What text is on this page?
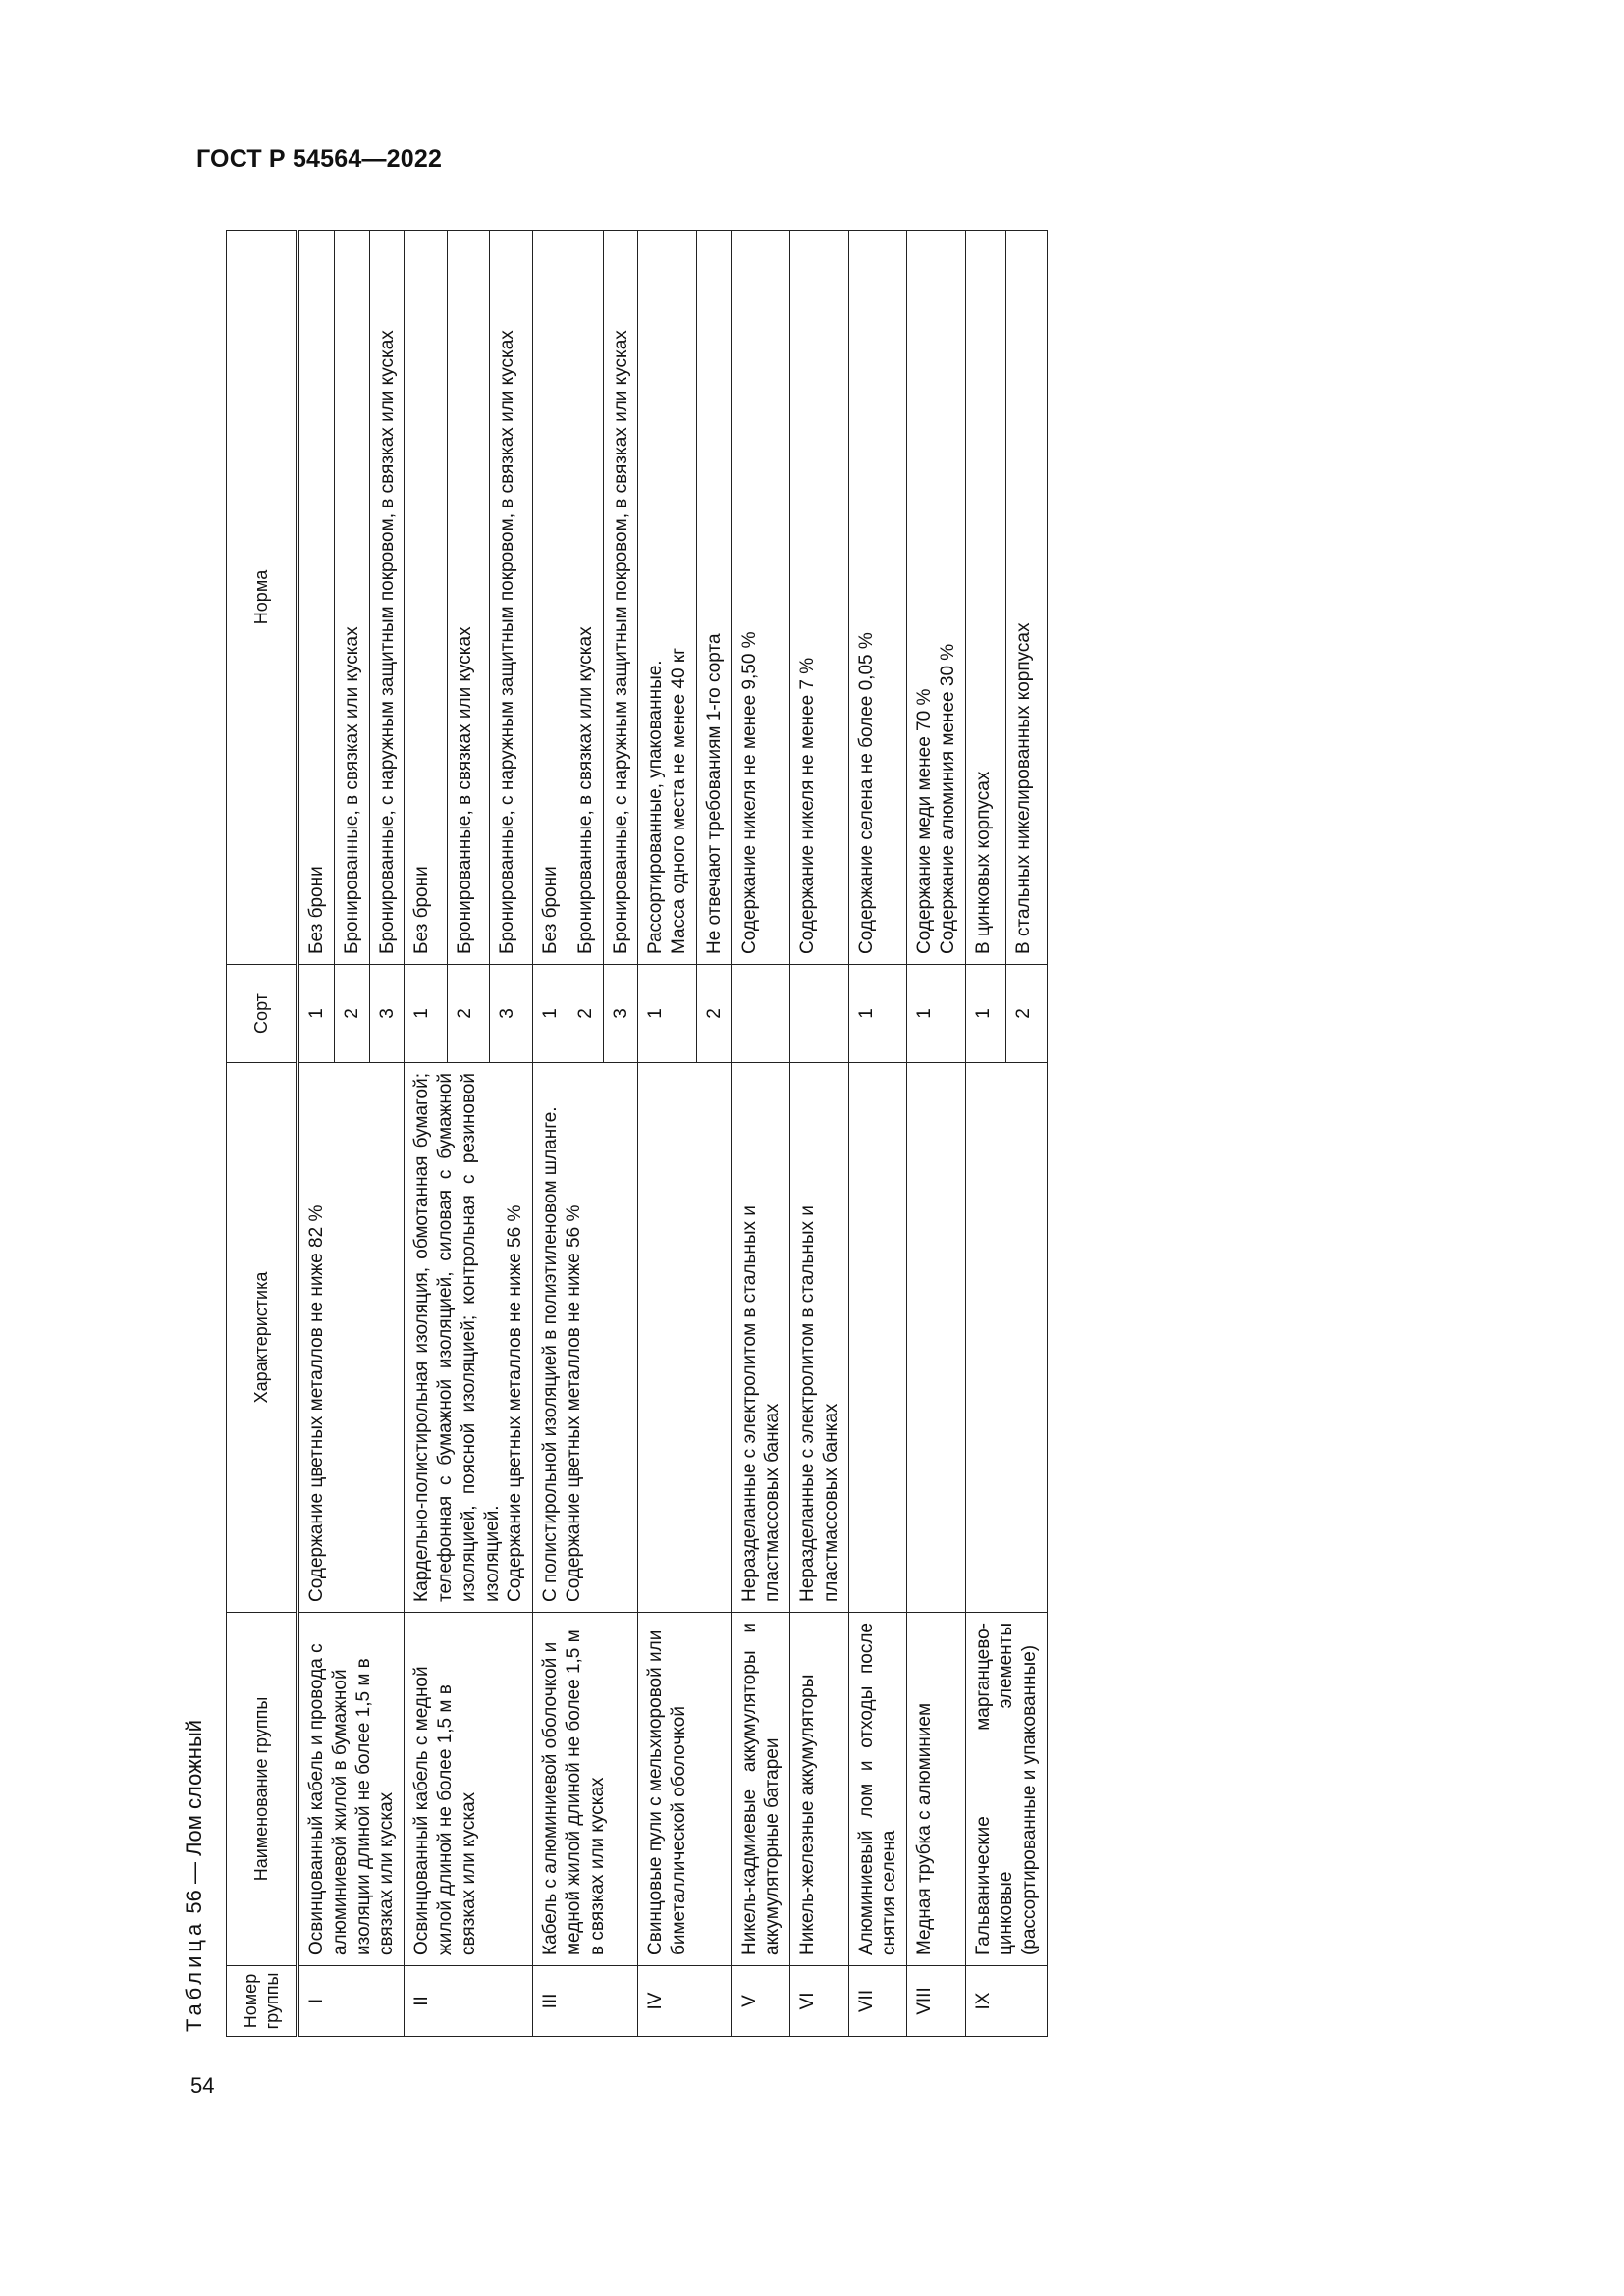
ГОСТ Р 54564—2022
54
Таблица 56 — Лом сложный
Номер группы	Наименование группы	Характеристика	Сорт	Норма
I	Освинцованный кабель и провода с алюминиевой жилой в бумажной изоляции длиной не более 1,5 м в связках или кусках	Содержание цветных металлов не ниже 82 %	1	Без брони
			2	Бронированные, в связках или кусках
			3	Бронированные, с наружным защитным покровом, в связках или кусках
II	Освинцованный кабель с медной жилой длиной не более 1,5 м в связках или кусках	Кардельно-полистирольная изоляция, обмотанная бумагой; телефонная с бумажной изоляцией, силовая с бумажной изоляцией, поясной изоляцией; контрольная с резиновой изоляцией. Содержание цветных металлов не ниже 56 %	1	Без брони
			2	Бронированные, в связках или кусках
			3	Бронированные, с наружным защитным покровом, в связках или кусках
III	Кабель с алюминиевой оболочкой и медной жилой длиной не более 1,5 м в связках или кусках	С полистирольной изоляцией в полиэтиленовом шланге. Содержание цветных металлов не ниже 56 %	1	Без брони
			2	Бронированные, в связках или кусках
			3	Бронированные, с наружным защитным покровом, в связках или кусках
IV	Свинцовые пули с мельхиоровой или биметаллической оболочкой		1	Рассортированные, упакованные. Масса одного места не менее 40 кг

			2	Не отвечают требованиям 1-го сорта
V	Никель-кадмиевые аккумуляторы и аккумуляторные батареи	Неразделанные с электролитом в стальных и пластмассовых банках		Содержание никеля не менее 9,50 %
VI	Никель-железные аккумуляторы	Неразделанные с электролитом в стальных и пластмассовых банках		Содержание никеля не менее 7 %
VII	Алюминиевый лом и отходы после снятия селена		1	Содержание селена не более 0,05 %
VIII	Медная трубка с алюминием		1	Содержание меди менее 70 % Содержание алюминия менее 30 %

IX	Гальванические марганцево-цинковые элементы (рассортированные и упакованные)		1	В цинковых корпусах
			2	В стальных никелированных корпусах
